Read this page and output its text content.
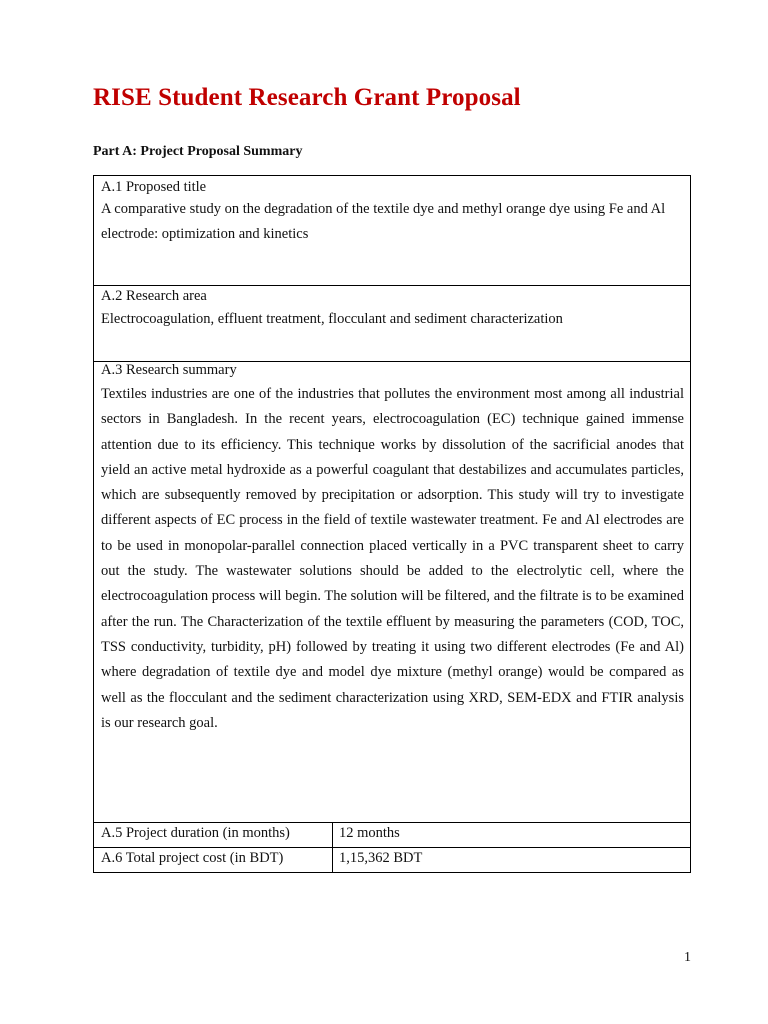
RISE Student Research Grant Proposal
Part A: Project Proposal Summary
A.1 Proposed title
A comparative study on the degradation of the textile dye and methyl orange dye using Fe and Al electrode: optimization and kinetics
A.2 Research area
Electrocoagulation, effluent treatment, flocculant and sediment characterization
A.3 Research summary
Textiles industries are one of the industries that pollutes the environment most among all industrial sectors in Bangladesh. In the recent years, electrocoagulation (EC) technique gained immense attention due to its efficiency. This technique works by dissolution of the sacrificial anodes that yield an active metal hydroxide as a powerful coagulant that destabilizes and accumulates particles, which are subsequently removed by precipitation or adsorption. This study will try to investigate different aspects of EC process in the field of textile wastewater treatment. Fe and Al electrodes are to be used in monopolar-parallel connection placed vertically in a PVC transparent sheet to carry out the study. The wastewater solutions should be added to the electrolytic cell, where the electrocoagulation process will begin. The solution will be filtered, and the filtrate is to be examined after the run. The Characterization of the textile effluent by measuring the parameters (COD, TOC, TSS conductivity, turbidity, pH) followed by treating it using two different electrodes (Fe and Al) where degradation of textile dye and model dye mixture (methyl orange) would be compared as well as the flocculant and the sediment characterization using XRD, SEM-EDX and FTIR analysis is our research goal.
A.5 Project duration (in months)	12 months
A.6 Total project cost (in BDT)	1,15,362 BDT
1
